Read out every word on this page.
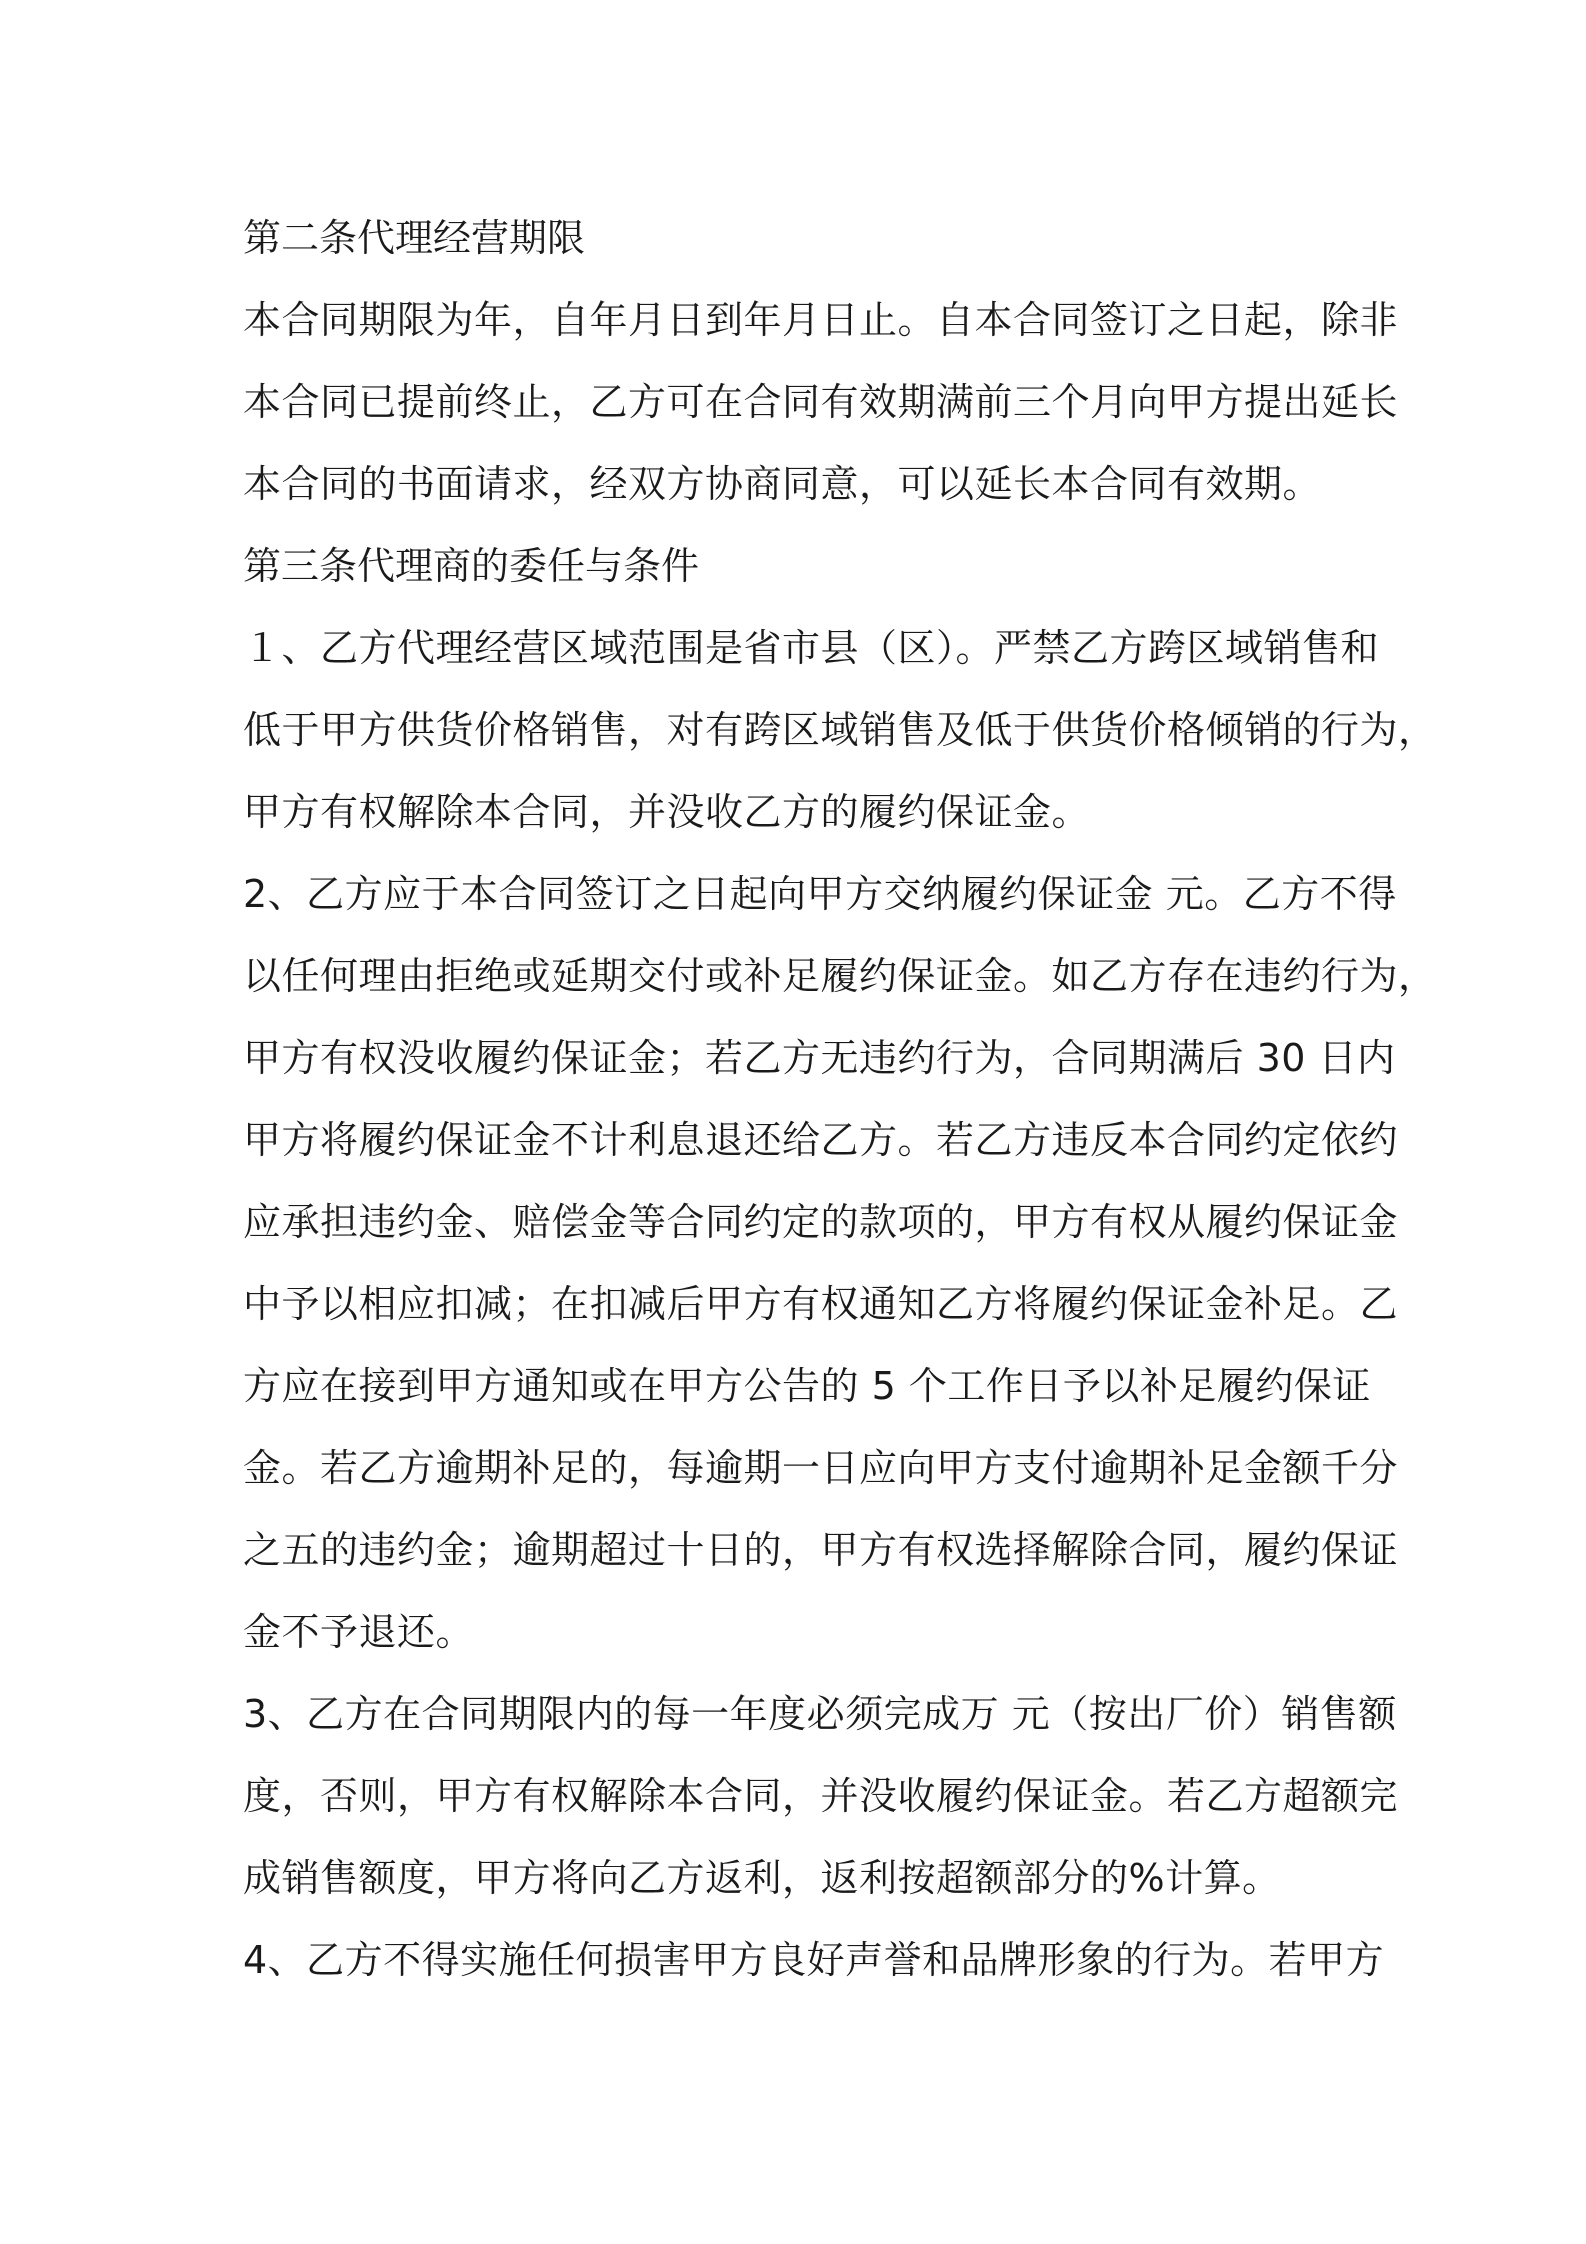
第二条代理经营期限
本合同期限为年，自年月日到年月日止。自本合同签订之日起，除非
本合同已提前终止，乙方可在合同有效期满前三个月向甲方提出延长
本合同的书面请求，经双方协商同意，可以延长本合同有效期。
第三条代理商的委任与条件
１、乙方代理经营区域范围是省市县（区）。严禁乙方跨区域销售和
低于甲方供货价格销售，对有跨区域销售及低于供货价格倾销的行为，
甲方有权解除本合同，并没收乙方的履约保证金。
2、乙方应于本合同签订之日起向甲方交纳履约保证金 元。乙方不得
以任何理由拒绝或延期交付或补足履约保证金。如乙方存在违约行为，
甲方有权没收履约保证金；若乙方无违约行为，合同期满后 30 日内
甲方将履约保证金不计利息退还给乙方。若乙方违反本合同约定依约
应承担违约金、赔偿金等合同约定的款项的，甲方有权从履约保证金
中予以相应扣减；在扣减后甲方有权通知乙方将履约保证金补足。乙
方应在接到甲方通知或在甲方公告的 5 个工作日予以补足履约保证
金。若乙方逾期补足的，每逾期一日应向甲方支付逾期补足金额千分
之五的违约金；逾期超过十日的，甲方有权选择解除合同，履约保证
金不予退还。
3、乙方在合同期限内的每一年度必须完成万 元（按出厂价）销售额
度，否则，甲方有权解除本合同，并没收履约保证金。若乙方超额完
成销售额度，甲方将向乙方返利，返利按超额部分的%计算。
4、乙方不得实施任何损害甲方良好声誉和品牌形象的行为。若甲方
